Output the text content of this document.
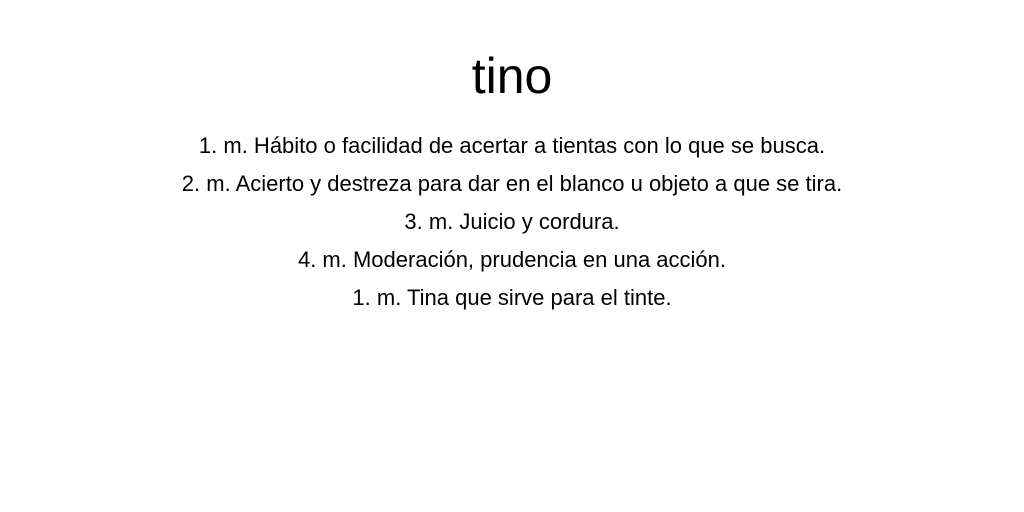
tino
1. m. Hábito o facilidad de acertar a tientas con lo que se busca.
2. m. Acierto y destreza para dar en el blanco u objeto a que se tira.
3. m. Juicio y cordura.
4. m. Moderación, prudencia en una acción.
1. m. Tina que sirve para el tinte.
